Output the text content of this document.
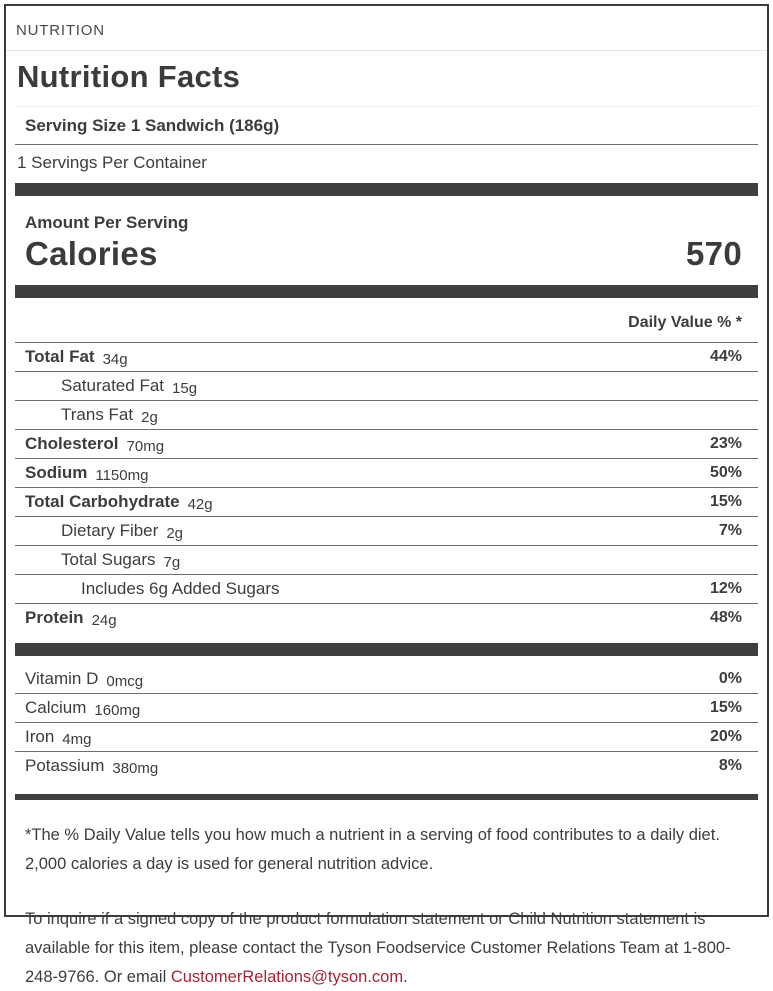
NUTRITION
Nutrition Facts
Serving Size 1 Sandwich (186g)
1 Servings Per Container
Amount Per Serving
Calories	570
Daily Value % *
Total Fat 34g	44%
Saturated Fat 15g
Trans Fat 2g
Cholesterol 70mg	23%
Sodium 1150mg	50%
Total Carbohydrate 42g	15%
Dietary Fiber 2g	7%
Total Sugars 7g
Includes 6g Added Sugars	12%
Protein 24g	48%
Vitamin D 0mcg	0%
Calcium 160mg	15%
Iron 4mg	20%
Potassium 380mg	8%

*The % Daily Value tells you how much a nutrient in a serving of food contributes to a daily diet. 2,000 calories a day is used for general nutrition advice.

To inquire if a signed copy of the product formulation statement or Child Nutrition statement is available for this item, please contact the Tyson Foodservice Customer Relations Team at 1-800-248-9766. Or email CustomerRelations@tyson.com.
